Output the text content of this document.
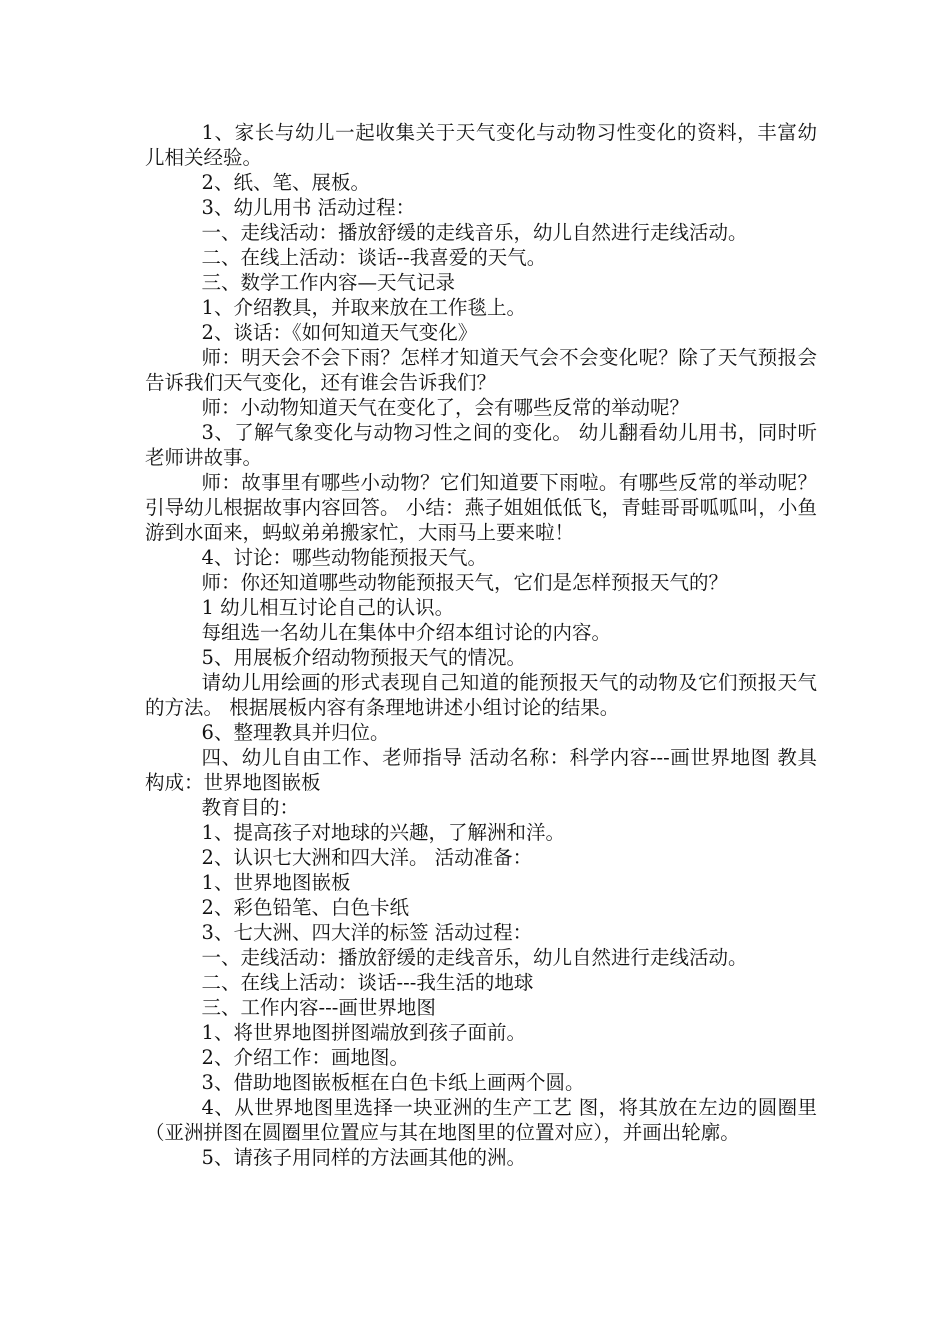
1、家长与幼儿一起收集关于天气变化与动物习性变化的资料，丰富幼儿相关经验。

2、纸、笔、展板。

3、幼儿用书 活动过程：

一、走线活动：播放舒缓的走线音乐，幼儿自然进行走线活动。

二、在线上活动：谈话--我喜爱的天气。

三、数学工作内容—天气记录

1、介绍教具，并取来放在工作毯上。

2、谈话：《如何知道天气变化》

师：明天会不会下雨？怎样才知道天气会不会变化呢？除了天气预报会告诉我们天气变化，还有谁会告诉我们？

师：小动物知道天气在变化了，会有哪些反常的举动呢？

3、了解气象变化与动物习性之间的变化。 幼儿翻看幼儿用书，同时听老师讲故事。

师：故事里有哪些小动物？它们知道要下雨啦。有哪些反常的举动呢？引导幼儿根据故事内容回答。 小结：燕子姐姐低低飞，青蛙哥哥呱呱叫，小鱼游到水面来，蚂蚁弟弟搬家忙，大雨马上要来啦！

4、讨论：哪些动物能预报天气。

师：你还知道哪些动物能预报天气，它们是怎样预报天气的？

1 幼儿相互讨论自己的认识。

每组选一名幼儿在集体中介绍本组讨论的内容。

5、用展板介绍动物预报天气的情况。

请幼儿用绘画的形式表现自己知道的能预报天气的动物及它们预报天气的方法。 根据展板内容有条理地讲述小组讨论的结果。

6、整理教具并归位。

四、幼儿自由工作、老师指导 活动名称：科学内容---画世界地图 教具构成：世界地图嵌板

教育目的：

1、提高孩子对地球的兴趣，了解洲和洋。

2、认识七大洲和四大洋。 活动准备：

1、世界地图嵌板

2、彩色铅笔、白色卡纸

3、七大洲、四大洋的标签 活动过程：

一、走线活动：播放舒缓的走线音乐，幼儿自然进行走线活动。

二、在线上活动：谈话---我生活的地球

三、工作内容---画世界地图

1、将世界地图拼图端放到孩子面前。

2、介绍工作：画地图。

3、借助地图嵌板框在白色卡纸上画两个圆。

4、从世界地图里选择一块亚洲的生产工艺 图，将其放在左边的圆圈里（亚洲拼图在圆圈里位置应与其在地图里的位置对应），并画出轮廓。

5、请孩子用同样的方法画其他的洲。
